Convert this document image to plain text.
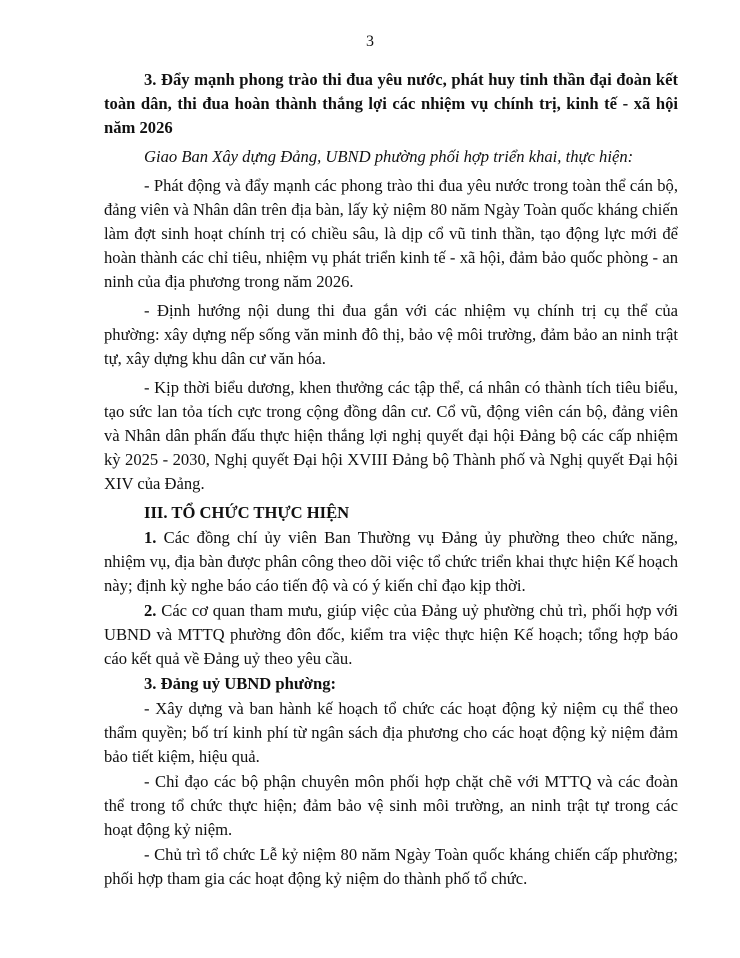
3

3. Đẩy mạnh phong trào thi đua yêu nước, phát huy tinh thần đại đoàn kết toàn dân, thi đua hoàn thành thắng lợi các nhiệm vụ chính trị, kinh tế - xã hội năm 2026

Giao Ban Xây dựng Đảng, UBND phường phối hợp triển khai, thực hiện:

- Phát động và đẩy mạnh các phong trào thi đua yêu nước trong toàn thể cán bộ, đảng viên và Nhân dân trên địa bàn, lấy kỷ niệm 80 năm Ngày Toàn quốc kháng chiến làm đợt sinh hoạt chính trị có chiều sâu, là dịp cổ vũ tinh thần, tạo động lực mới để hoàn thành các chỉ tiêu, nhiệm vụ phát triển kinh tế - xã hội, đảm bảo quốc phòng - an ninh của địa phương trong năm 2026.

- Định hướng nội dung thi đua gắn với các nhiệm vụ chính trị cụ thể của phường: xây dựng nếp sống văn minh đô thị, bảo vệ môi trường, đảm bảo an ninh trật tự, xây dựng khu dân cư văn hóa.

- Kịp thời biểu dương, khen thưởng các tập thể, cá nhân có thành tích tiêu biểu, tạo sức lan tỏa tích cực trong cộng đồng dân cư. Cổ vũ, động viên cán bộ, đảng viên và Nhân dân phấn đấu thực hiện thắng lợi nghị quyết đại hội Đảng bộ các cấp nhiệm kỳ 2025 - 2030, Nghị quyết Đại hội XVIII Đảng bộ Thành phố và Nghị quyết Đại hội XIV của Đảng.

III. TỔ CHỨC THỰC HIỆN

1. Các đồng chí ủy viên Ban Thường vụ Đảng ủy phường theo chức năng, nhiệm vụ, địa bàn được phân công theo dõi việc tổ chức triển khai thực hiện Kế hoạch này; định kỳ nghe báo cáo tiến độ và có ý kiến chỉ đạo kịp thời.

2. Các cơ quan tham mưu, giúp việc của Đảng uỷ phường chủ trì, phối hợp với UBND và MTTQ phường đôn đốc, kiểm tra việc thực hiện Kế hoạch; tổng hợp báo cáo kết quả về Đảng uỷ theo yêu cầu.

3. Đảng uỷ UBND phường:

- Xây dựng và ban hành kế hoạch tổ chức các hoạt động kỷ niệm cụ thể theo thẩm quyền; bố trí kinh phí từ ngân sách địa phương cho các hoạt động kỷ niệm đảm bảo tiết kiệm, hiệu quả.

- Chỉ đạo các bộ phận chuyên môn phối hợp chặt chẽ với MTTQ và các đoàn thể trong tổ chức thực hiện; đảm bảo vệ sinh môi trường, an ninh trật tự trong các hoạt động kỷ niệm.

- Chủ trì tổ chức Lễ kỷ niệm 80 năm Ngày Toàn quốc kháng chiến cấp phường; phối hợp tham gia các hoạt động kỷ niệm do thành phố tổ chức.
